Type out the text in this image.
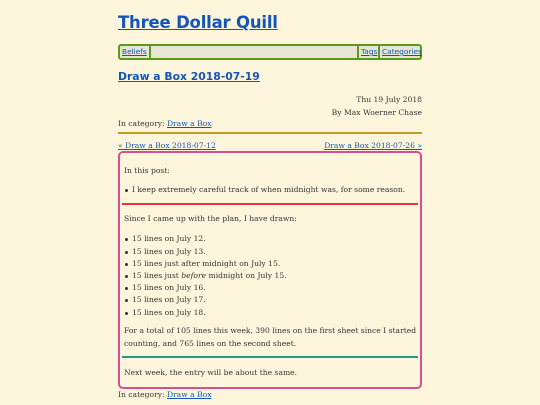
Three Dollar Quill
Beliefs	Tags Categories
Draw a Box 2018-07-19
Thu 19 July 2018
By Max Woerner Chase
In category: Draw a Box
« Draw a Box 2018-07-12	Draw a Box 2018-07-26 »
In this post:
I keep extremely careful track of when midnight was, for some reason.
Since I came up with the plan, I have drawn:
15 lines on July 12.
15 lines on July 13.
15 lines just after midnight on July 15.
15 lines just before midnight on July 15.
15 lines on July 16.
15 lines on July 17.
15 lines on July 18.
For a total of 105 lines this week, 390 lines on the first sheet since I started
counting, and 765 lines on the second sheet.
Next week, the entry will be about the same.
In category: Draw a Box
